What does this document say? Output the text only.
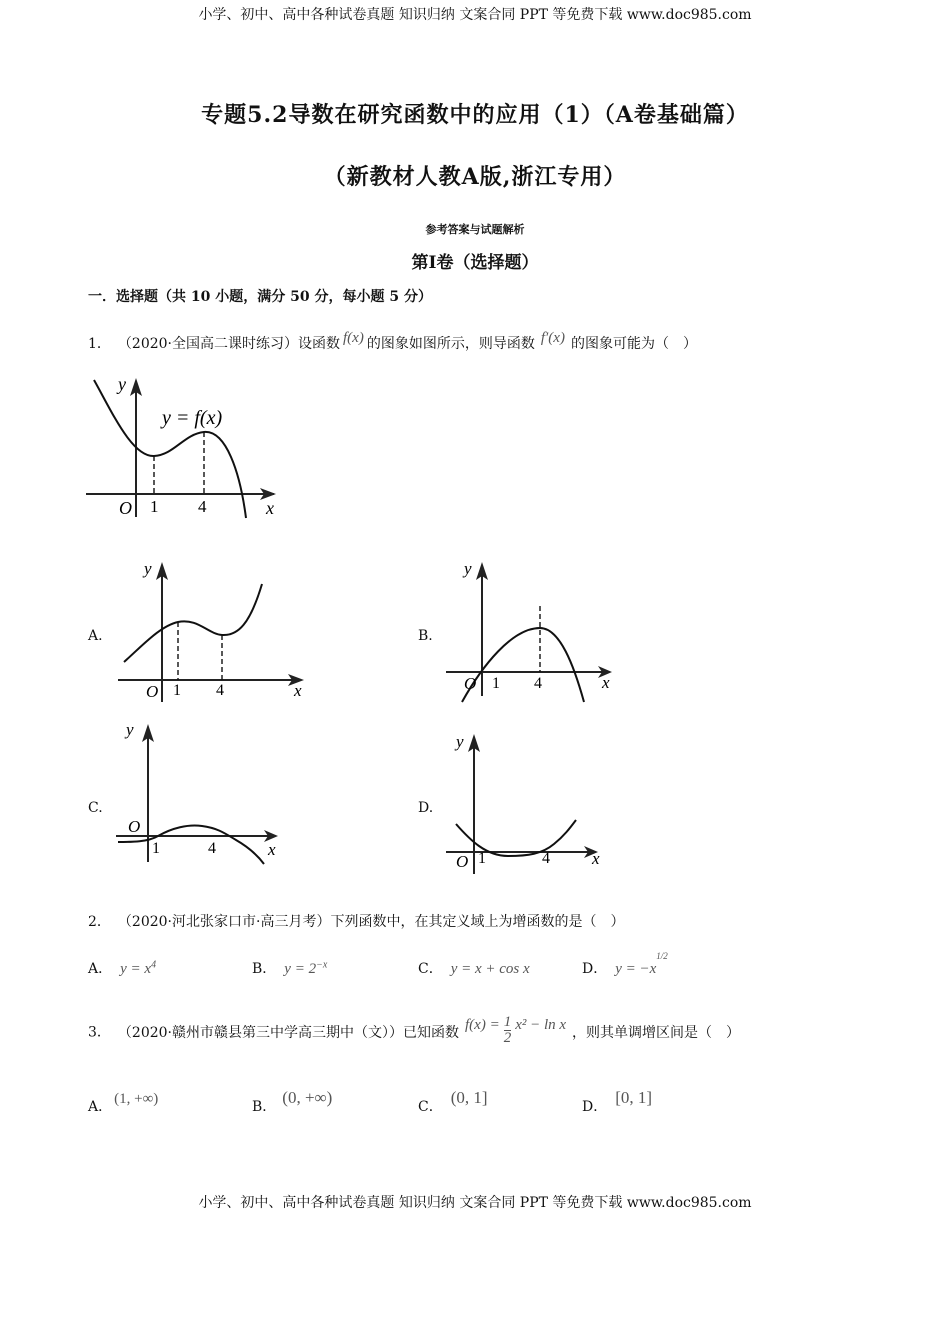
小学、初中、高中各种试卷真题 知识归纳 文案合同 PPT 等免费下载 www.doc985.com
专题5.2导数在研究函数中的应用（1）（A卷基础篇）
（新教材人教A版,浙江专用）
参考答案与试题解析
第Ⅰ卷（选择题）
一．选择题（共 10 小题，满分 50 分，每小题 5 分）
1． （2020·全国高二课时练习）设函数 f(x) 的图象如图所示，则导函数 f′(x) 的图象可能为（　）
y
y = f(x)
O 1 4	x
A.
y
O 1 4	x
B.
y
O 1 4	x
C.
y
O
1	4	x
D.
y
O 1	4 x
2． （2020·河北张家口市·高三月考）下列函数中，在其定义域上为增函数的是（　）
A． $y = x^4$	B． $y = 2^{-x}$	C． y = x + cos x	D． $y = -x^{1/2}$
3． （2020·赣州市赣县第三中学高三期中（文））已知函数 $f(x) = \frac{1}{2} x^2 - \ln x$ ，则其单调增区间是（　）
A． (1, +∞)	B． (0, +∞)	C． (0, 1]	D． [0, 1]
小学、初中、高中各种试卷真题 知识归纳 文案合同 PPT 等免费下载 www.doc985.com
